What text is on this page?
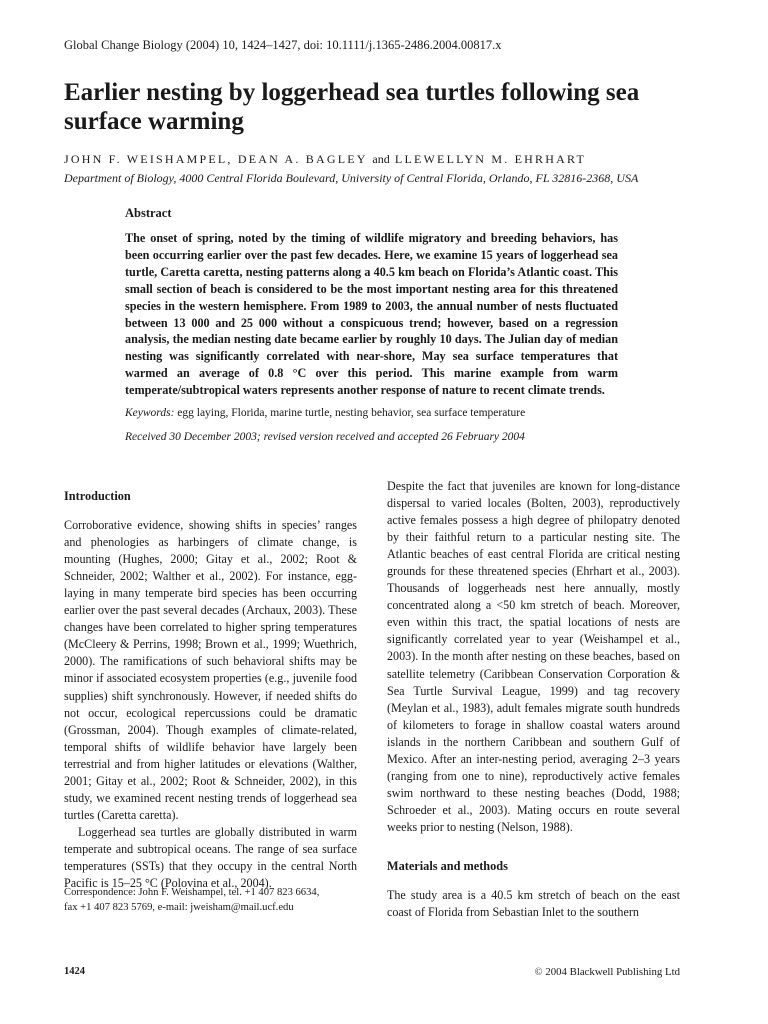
Global Change Biology (2004) 10, 1424–1427, doi: 10.1111/j.1365-2486.2004.00817.x
Earlier nesting by loggerhead sea turtles following sea surface warming
JOHN F. WEISHAMPEL, DEAN A. BAGLEY and LLEWELLYN M. EHRHART
Department of Biology, 4000 Central Florida Boulevard, University of Central Florida, Orlando, FL 32816-2368, USA
Abstract

The onset of spring, noted by the timing of wildlife migratory and breeding behaviors, has been occurring earlier over the past few decades. Here, we examine 15 years of loggerhead sea turtle, Caretta caretta, nesting patterns along a 40.5 km beach on Florida’s Atlantic coast. This small section of beach is considered to be the most important nesting area for this threatened species in the western hemisphere. From 1989 to 2003, the annual number of nests fluctuated between 13 000 and 25 000 without a conspicuous trend; however, based on a regression analysis, the median nesting date became earlier by roughly 10 days. The Julian day of median nesting was significantly correlated with near-shore, May sea surface temperatures that warmed an average of 0.8 °C over this period. This marine example from warm temperate/subtropical waters represents another response of nature to recent climate trends.

Keywords: egg laying, Florida, marine turtle, nesting behavior, sea surface temperature
Received 30 December 2003; revised version received and accepted 26 February 2004
Introduction

Corroborative evidence, showing shifts in species’ ranges and phenologies as harbingers of climate change, is mounting (Hughes, 2000; Gitay et al., 2002; Root & Schneider, 2002; Walther et al., 2002). For instance, egg-laying in many temperate bird species has been occurring earlier over the past several decades (Archaux, 2003). These changes have been correlated to higher spring temperatures (McCleery & Perrins, 1998; Brown et al., 1999; Wuethrich, 2000). The ramifications of such behavioral shifts may be minor if associated ecosystem properties (e.g., juvenile food supplies) shift synchronously. However, if needed shifts do not occur, ecological repercussions could be dramatic (Grossman, 2004). Though examples of climate-related, temporal shifts of wildlife behavior have largely been terrestrial and from higher latitudes or elevations (Walther, 2001; Gitay et al., 2002; Root & Schneider, 2002), in this study, we examined recent nesting trends of loggerhead sea turtles (Caretta caretta).

Loggerhead sea turtles are globally distributed in warm temperate and subtropical oceans. The range of sea surface temperatures (SSTs) that they occupy in the central North Pacific is 15–25 °C (Polovina et al., 2004).

Despite the fact that juveniles are known for long-distance dispersal to varied locales (Bolten, 2003), reproductively active females possess a high degree of philopatry denoted by their faithful return to a particular nesting site. The Atlantic beaches of east central Florida are critical nesting grounds for these threatened species (Ehrhart et al., 2003). Thousands of loggerheads nest here annually, mostly concentrated along a <50 km stretch of beach. Moreover, even within this tract, the spatial locations of nests are significantly correlated year to year (Weishampel et al., 2003). In the month after nesting on these beaches, based on satellite telemetry (Caribbean Conservation Corporation & Sea Turtle Survival League, 1999) and tag recovery (Meylan et al., 1983), adult females migrate south hundreds of kilometers to forage in shallow coastal waters around islands in the northern Caribbean and southern Gulf of Mexico. After an inter-nesting period, averaging 2–3 years (ranging from one to nine), reproductively active females swim northward to these nesting beaches (Dodd, 1988; Schroeder et al., 2003). Mating occurs en route several weeks prior to nesting (Nelson, 1988).

Materials and methods

The study area is a 40.5 km stretch of beach on the east coast of Florida from Sebastian Inlet to the southern

Correspondence: John F. Weishampel, tel. +1 407 823 6634,
fax +1 407 823 5769, e-mail: jweisham@mail.ucf.edu
1424	© 2004 Blackwell Publishing Ltd
